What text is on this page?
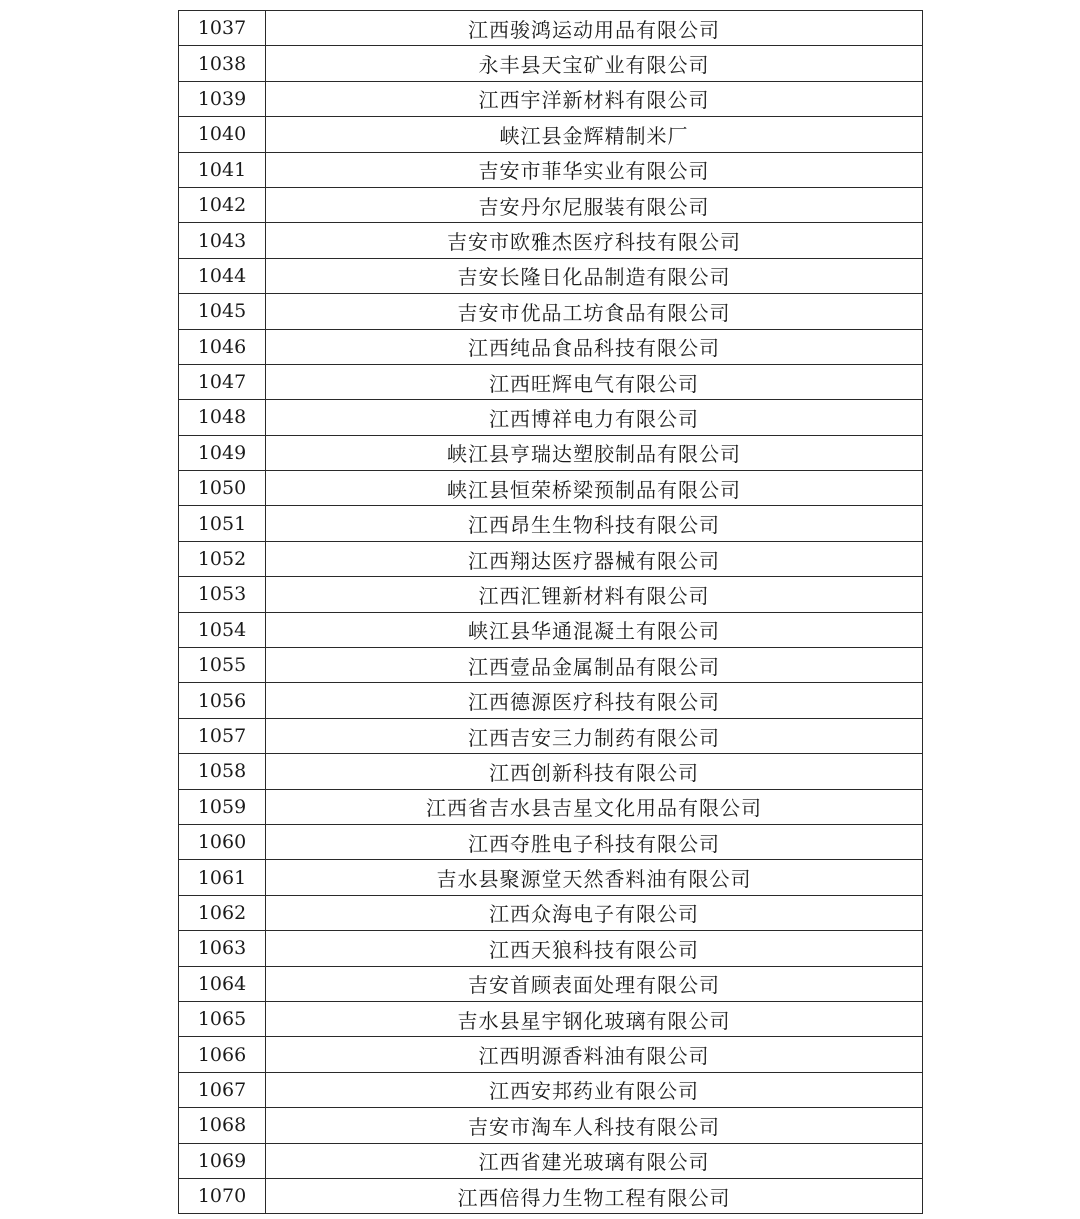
1037	江西骏鸿运动用品有限公司
1038	永丰县天宝矿业有限公司
1039	江西宇洋新材料有限公司
1040	峡江县金辉精制米厂
1041	吉安市菲华实业有限公司
1042	吉安丹尔尼服装有限公司
1043	吉安市欧雅杰医疗科技有限公司
1044	吉安长隆日化品制造有限公司
1045	吉安市优品工坊食品有限公司
1046	江西纯品食品科技有限公司
1047	江西旺辉电气有限公司
1048	江西博祥电力有限公司
1049	峡江县亨瑞达塑胶制品有限公司
1050	峡江县恒荣桥梁预制品有限公司
1051	江西昂生生物科技有限公司
1052	江西翔达医疗器械有限公司
1053	江西汇锂新材料有限公司
1054	峡江县华通混凝土有限公司
1055	江西壹品金属制品有限公司
1056	江西德源医疗科技有限公司
1057	江西吉安三力制药有限公司
1058	江西创新科技有限公司
1059	江西省吉水县吉星文化用品有限公司
1060	江西夺胜电子科技有限公司
1061	吉水县聚源堂天然香料油有限公司
1062	江西众海电子有限公司
1063	江西天狼科技有限公司
1064	吉安首顾表面处理有限公司
1065	吉水县星宇钢化玻璃有限公司
1066	江西明源香料油有限公司
1067	江西安邦药业有限公司
1068	吉安市淘车人科技有限公司
1069	江西省建光玻璃有限公司
1070	江西倍得力生物工程有限公司
